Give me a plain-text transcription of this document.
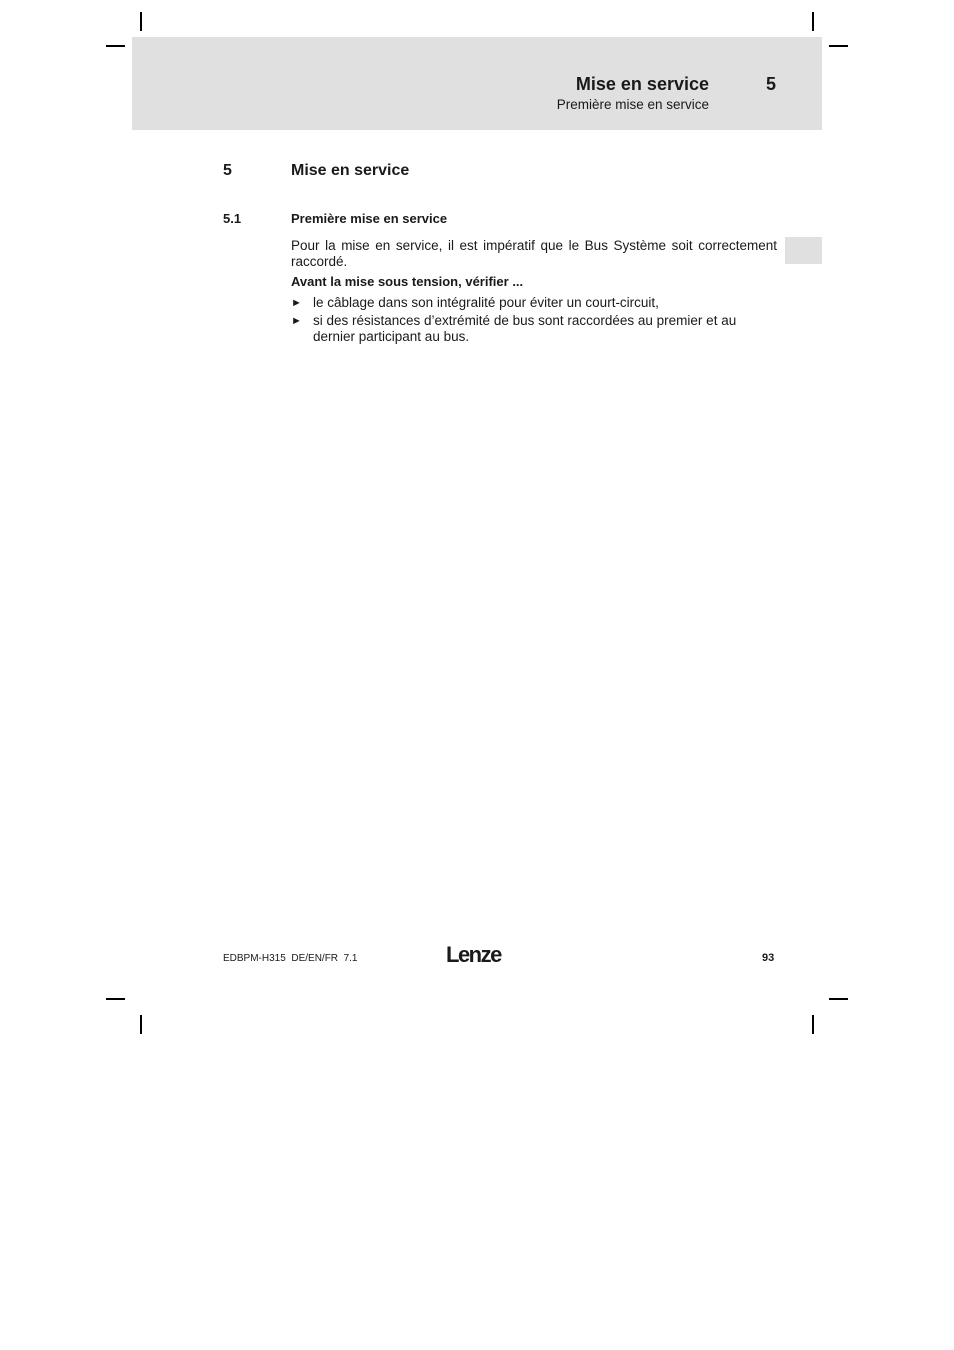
Mise en service	5
Première mise en service
5	Mise en service
5.1	Première mise en service
Pour la mise en service, il est impératif que le Bus Système soit correctement raccordé.
Avant la mise sous tension, vérifier ...
► le câblage dans son intégralité pour éviter un court-circuit,
► si des résistances d’extrémité de bus sont raccordées au premier et au dernier participant au bus.
EDBPM-H315  DE/EN/FR  7.1	Lenze	93
